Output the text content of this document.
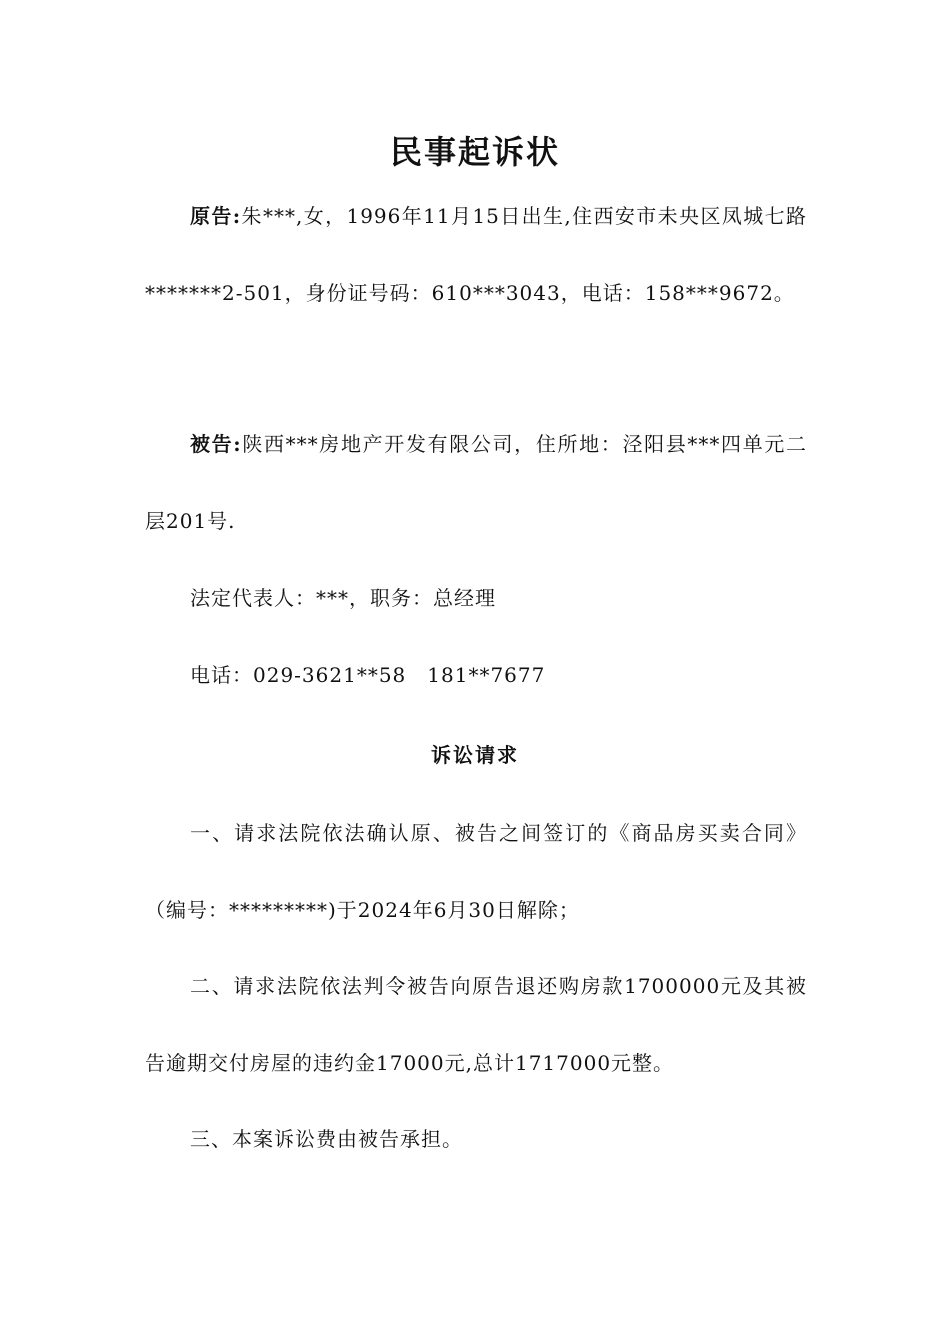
民事起诉状
原告:朱***,女，1996年11月15日出生,住西安市未央区凤城七路*******2-501，身份证号码：610***3043，电话：158***9672。
被告:陕西***房地产开发有限公司，住所地：泾阳县***四单元二层201号.
法定代表人：***，职务：总经理
电话：029-3621**58　181**7677
诉讼请求
一、请求法院依法确认原、被告之间签订的《商品房买卖合同》（编号：*********)于2024年6月30日解除；
二、请求法院依法判令被告向原告退还购房款1700000元及其被告逾期交付房屋的违约金17000元,总计1717000元整。
三、本案诉讼费由被告承担。
